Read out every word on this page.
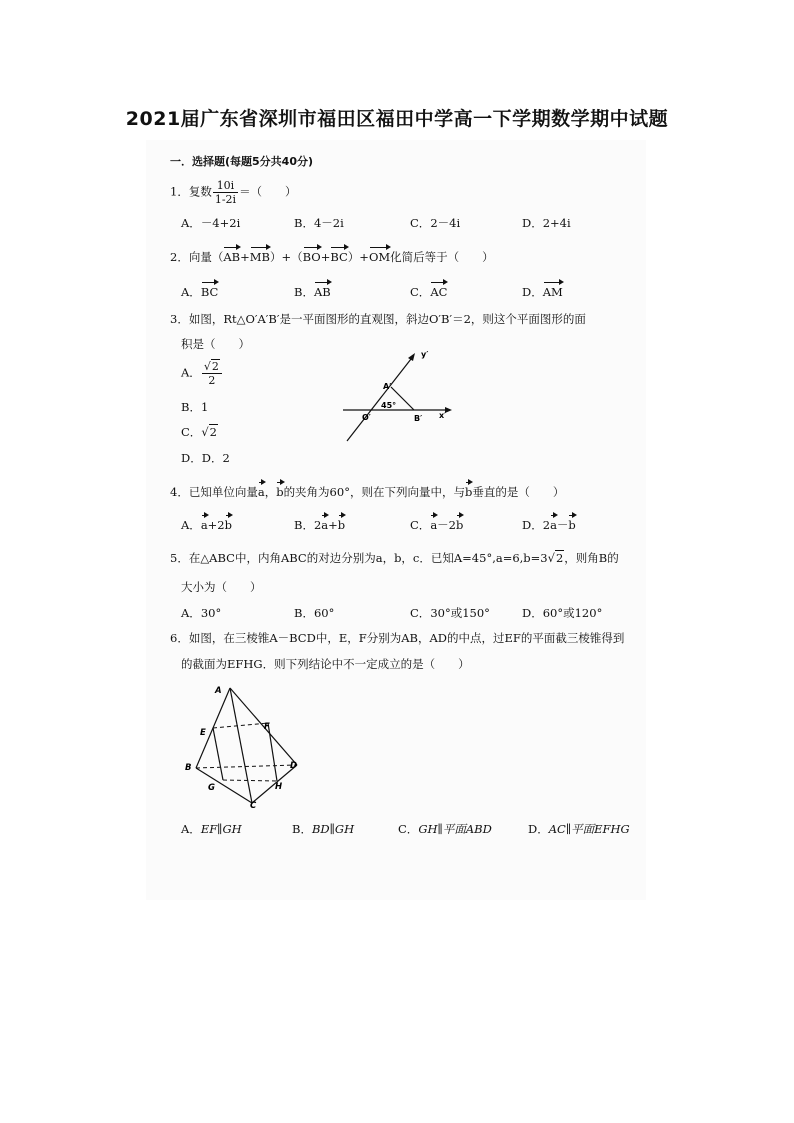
2021届广东省深圳市福田区福田中学高一下学期数学期中试题
一．选择题(每题5分共40分)
1．复数 $\frac{10i}{1-2i}$ ＝（　　）
A．－4+2i	B．4－2i	C．2－4i	D．2+4i
2．向量（AB+MB）+（BO+BC）+OM化简后等于（　　）
A．BC	B．AB	C．AC	D．AM
3．如图，Rt△O′A′B′是一平面图形的直观图，斜边O′B′＝2，则这个平面图形的面
积是（　　）
A． $\frac{√2}{2}$
B．1
C．√2
D．D．2
y′
x′
A′
O′	B′
45°
4．已知单位向量a，b的夹角为60°，则在下列向量中，与b垂直的是（　　）
A．a+2b	B．2a+b	C．a－2b	D．2a－b
5．在△ABC中，内角ABC的对边分别为a，b，c．已知A=45°,a=6,b=3√2，则角B的
大小为（　　）
A．30°	B．60°	C．30°或150°	D．60°或120°
6．如图，在三棱锥A－BCD中，E，F分别为AB，AD的中点，过EF的平面截三棱锥得到
的截面为EFHG．则下列结论中不一定成立的是（　　）
A
E
F
B	D
G	H
C
A．EF∥GH	B．BD∥GH	C．GH∥平面ABD	D．AC∥平面EFHG
